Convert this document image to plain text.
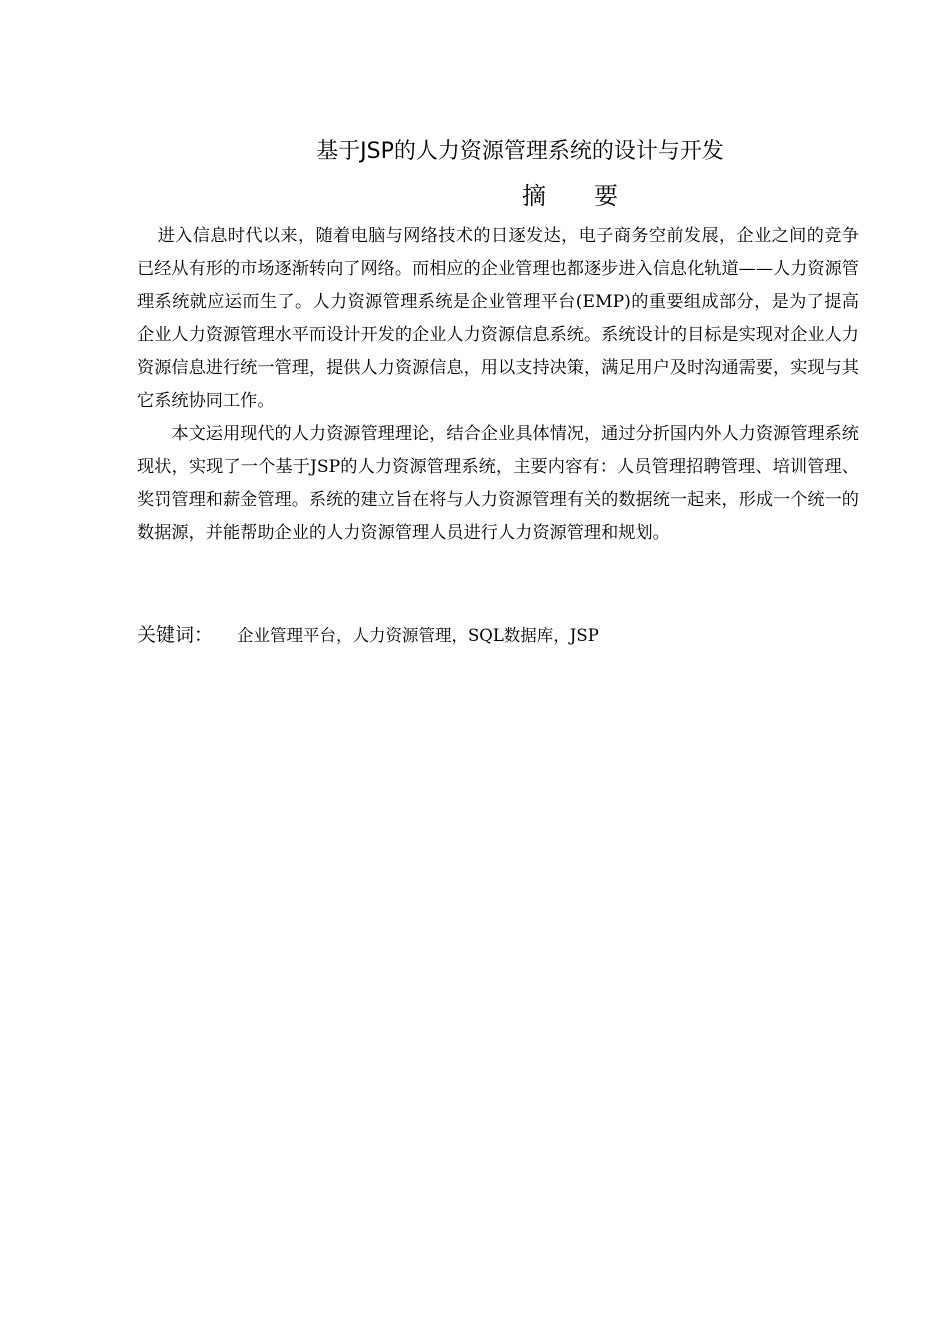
基于JSP的人力资源管理系统的设计与开发
摘要

进入信息时代以来，随着电脑与网络技术的日逐发达，电子商务空前发展，企业之间的竞争已经从有形的市场逐渐转向了网络。而相应的企业管理也都逐步进入信息化轨道——人力资源管理系统就应运而生了。人力资源管理系统是企业管理平台(EMP)的重要组成部分，是为了提高企业人力资源管理水平而设计开发的企业人力资源信息系统。系统设计的目标是实现对企业人力资源信息进行统一管理，提供人力资源信息，用以支持决策，满足用户及时沟通需要，实现与其它系统协同工作。

本文运用现代的人力资源管理理论，结合企业具体情况，通过分折国内外人力资源管理系统现状，实现了一个基于JSP的人力资源管理系统，主要内容有：人员管理招聘管理、培训管理、奖罚管理和薪金管理。系统的建立旨在将与人力资源管理有关的数据统一起来，形成一个统一的数据源，并能帮助企业的人力资源管理人员进行人力资源管理和规划。

关键词： 企业管理平台，人力资源管理，SQL数据库，JSP
